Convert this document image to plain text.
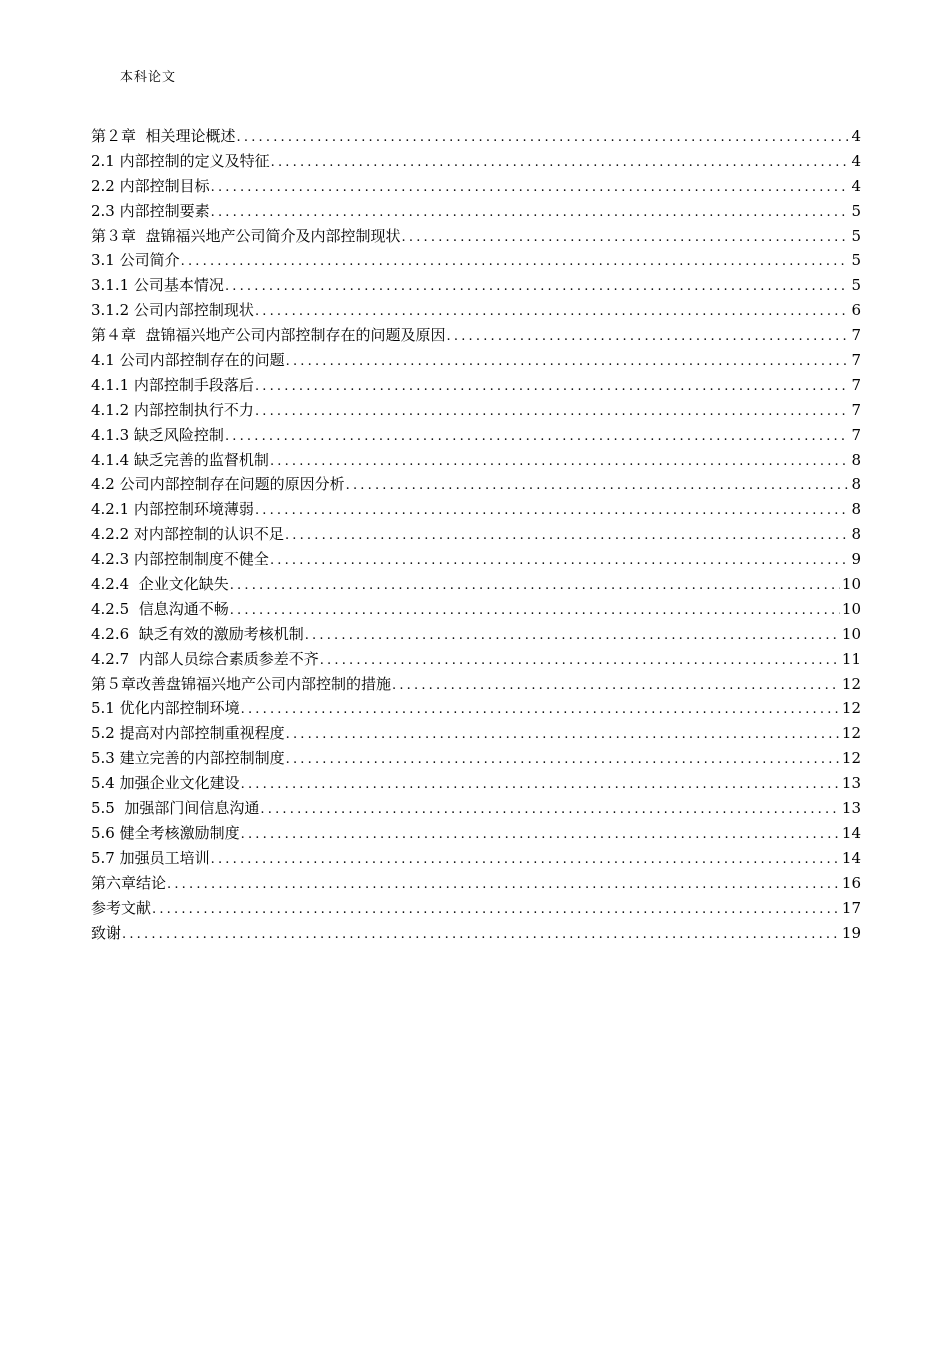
本科论文
第２章  相关理论概述 .....	4
2.1 内部控制的定义及特征 .....	4
2.2 内部控制目标 .....	4
2.3 内部控制要素 .....	5
第３章  盘锦福兴地产公司简介及内部控制现状 .....	5
3.1 公司简介 .....	5
3.1.1 公司基本情况 .....	5
3.1.2 公司内部控制现状 .....	6
第４章  盘锦福兴地产公司内部控制存在的问题及原因 .....	7
4.1 公司内部控制存在的问题 .....	7
4.1.1 内部控制手段落后 .....	7
4.1.2 内部控制执行不力 .....	7
4.1.3 缺乏风险控制 .....	7
4.1.4 缺乏完善的监督机制 .....	8
4.2 公司内部控制存在问题的原因分析 .....	8
4.2.1 内部控制环境薄弱 .....	8
4.2.2 对内部控制的认识不足 .....	8
4.2.3 内部控制制度不健全 .....	9
4.2.4  企业文化缺失 .....	10
4.2.5  信息沟通不畅 .....	10
4.2.6  缺乏有效的激励考核机制 .....	10
4.2.7  内部人员综合素质参差不齐 .....	11
第５章改善盘锦福兴地产公司内部控制的措施 .....	12
5.1 优化内部控制环境 .....	12
5.2 提高对内部控制重视程度 .....	12
5.3 建立完善的内部控制制度 .....	12
5.4 加强企业文化建设 .....	13
5.5  加强部门间信息沟通 .....	13
5.6 健全考核激励制度 .....	14
5.7 加强员工培训 .....	14
第六章结论 .....	16
参考文献 .....	17
致谢 .....	19
